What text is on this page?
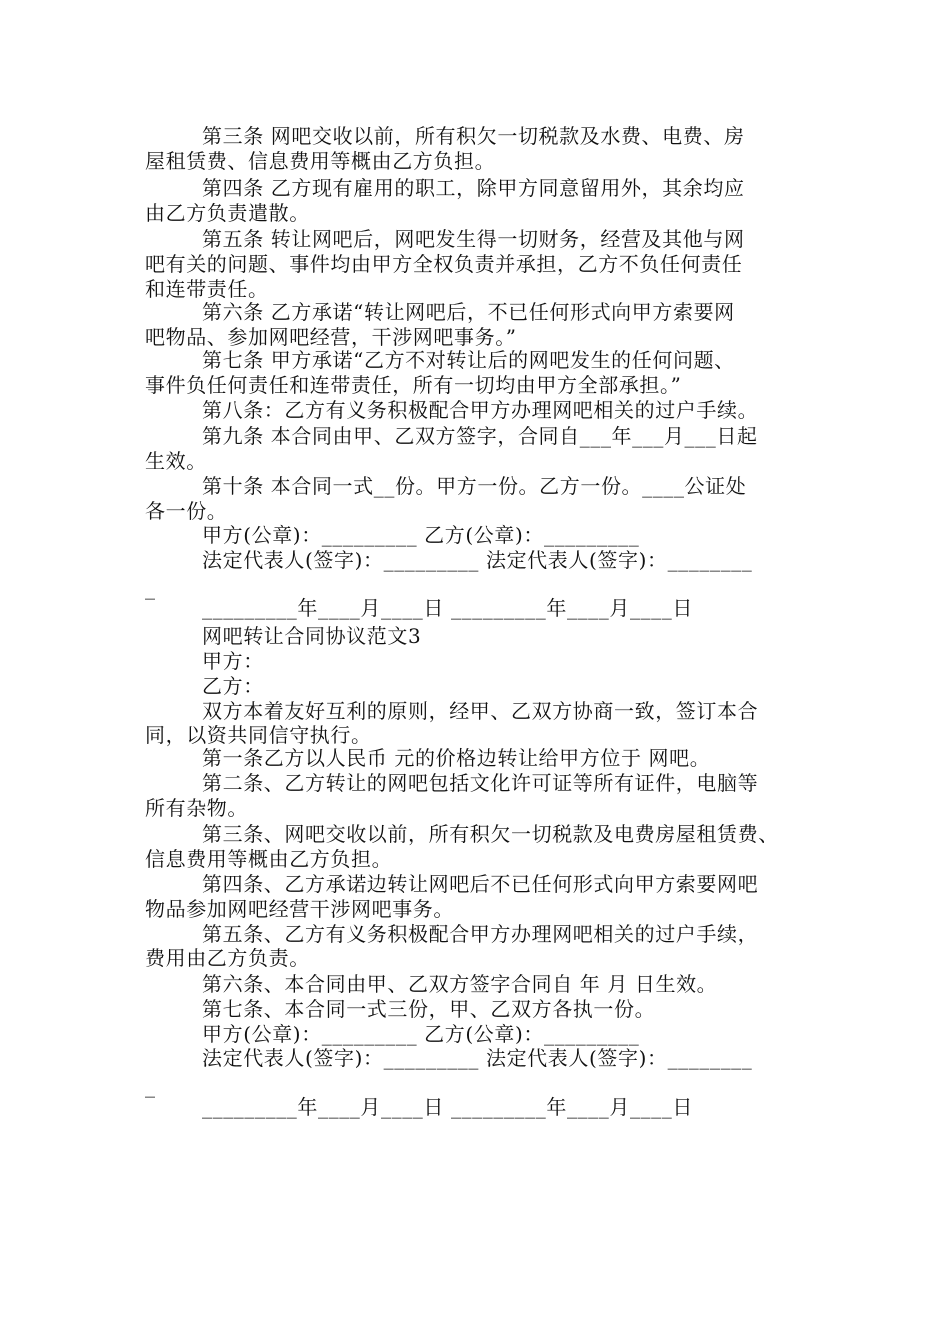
第三条 网吧交收以前，所有积欠一切税款及水费、电费、房
屋租赁费、信息费用等概由乙方负担。
第四条 乙方现有雇用的职工，除甲方同意留用外，其余均应
由乙方负责遣散。
第五条 转让网吧后，网吧发生得一切财务，经营及其他与网
吧有关的问题、事件均由甲方全权负责并承担，乙方不负任何责任
和连带责任。
第六条 乙方承诺“转让网吧后，不已任何形式向甲方索要网
吧物品、参加网吧经营，干涉网吧事务。”
第七条 甲方承诺“乙方不对转让后的网吧发生的任何问题、
事件负任何责任和连带责任，所有一切均由甲方全部承担。”
第八条：乙方有义务积极配合甲方办理网吧相关的过户手续。
第九条 本合同由甲、乙双方签字，合同自___年___月___日起
生效。
第十条 本合同一式__份。甲方一份。乙方一份。____公证处
各一份。
甲方(公章)：_________ 乙方(公章)：_________
法定代表人(签字)：_________ 法定代表人(签字)：________
_
_________年____月____日 _________年____月____日
网吧转让合同协议范文3
甲方：
乙方：
双方本着友好互利的原则，经甲、乙双方协商一致，签订本合
同，以资共同信守执行。
第一条乙方以人民币 元的价格边转让给甲方位于 网吧。
第二条、乙方转让的网吧包括文化许可证等所有证件，电脑等
所有杂物。
第三条、网吧交收以前，所有积欠一切税款及电费房屋租赁费、
信息费用等概由乙方负担。
第四条、乙方承诺边转让网吧后不已任何形式向甲方索要网吧
物品参加网吧经营干涉网吧事务。
第五条、乙方有义务积极配合甲方办理网吧相关的过户手续，
费用由乙方负责。
第六条、本合同由甲、乙双方签字合同自 年 月 日生效。
第七条、本合同一式三份，甲、乙双方各执一份。
甲方(公章)：_________ 乙方(公章)：_________
法定代表人(签字)：_________ 法定代表人(签字)：________
_
_________年____月____日 _________年____月____日
